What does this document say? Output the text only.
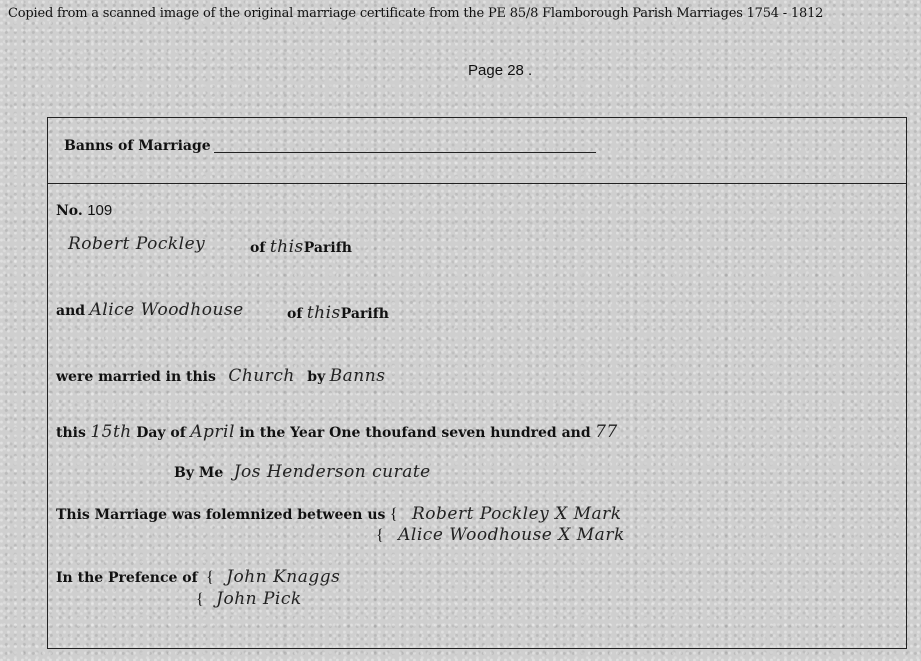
Copied from a scanned image of the original marriage certificate from the PE 85/8 Flamborough Parish Marriages 1754 - 1812
Page 28 .
Banns of Marriage
No. 109
Robert Pockley	of thisParifh
and Alice Woodhouse	of thisParifh
were married in this Church by Banns
this 15th Day of April in the Year One thoufand seven hundred and 77
By Me Jos Henderson curate
This Marriage was folemnized between us { Robert Pockley X Mark
{ Alice Woodhouse X Mark
In the Prefence of { John Knaggs
{ John Pick
